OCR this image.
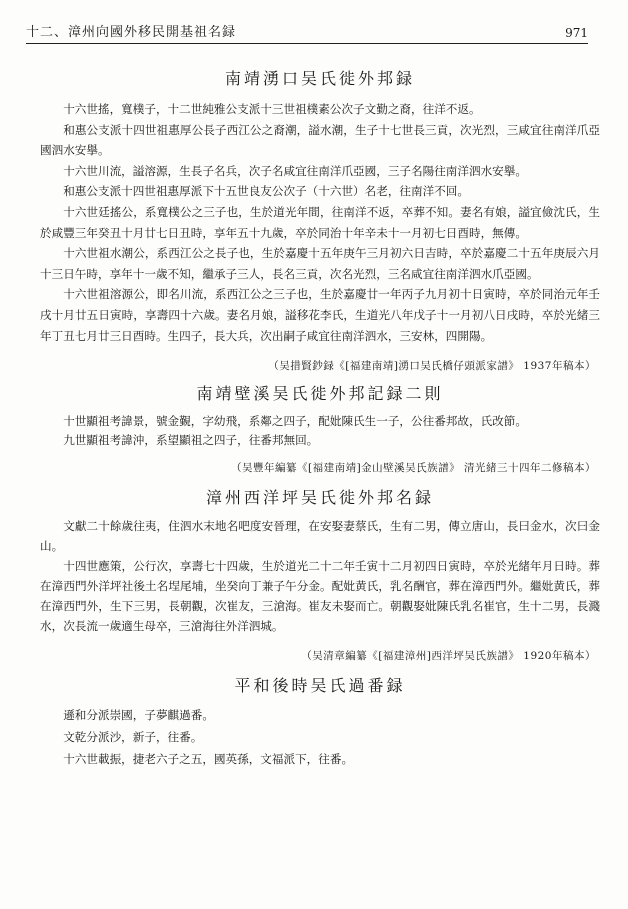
十二、漳州向國外移民開基祖名録	971
南靖湧口吴氏徙外邦録

十六世搖，寬樸子，十二世純雅公支派十三世祖樸素公次子文勤之裔，往洋不返。

和惠公支派十四世祖惠厚公長子西江公之裔潮，謚水潮，生子十七世長三貢，次光烈，三咸宜往南洋爪亞國泗水安擧。

十六世川流，謚溶源，生長子名兵，次子名咸宜往南洋爪亞國，三子名陽往南洋泗水安擧。

和惠公支派十四世祖惠厚派下十五世良友公次子（十六世）名老，往南洋不回。

十六世廷搖公，系寬樸公之三子也，生於道光年間，往南洋不返，卒葬不知。妻名有娘，謚宜儉沈氏，生於咸豐三年癸丑十月廿七日丑時，享年五十九歲，卒於同治十年辛未十一月初七日酉時，無傳。

十六世祖水潮公，系西江公之長子也，生於嘉慶十五年庚午三月初六日吉時，卒於嘉慶二十五年庚辰六月十三日午時，享年十一歲不知，繼承子三人，長名三貢，次名光烈，三名咸宜往南洋泗水爪亞國。

十六世祖溶源公，即名川流，系西江公之三子也，生於嘉慶廿一年丙子九月初十日寅時，卒於同治元年壬戌十月廿五日寅時，享壽四十六歲。妻名月娘，謚移花李氏，生道光八年戊子十一月初八日戌時，卒於光緒三年丁丑七月廿三日酉時。生四子，長大兵，次出嗣子咸宜往南洋泗水，三安林，四開陽。

（吴措賢鈔録《[福建南靖]湧口吴氏橋仔頭派家譜》 1937年稿本）
南靖壁溪吴氏徙外邦記録二則

十世顯祖考諱景，號金覲，字幼飛，系鄰之四子，配妣陳氏生一子，公往番邦故，氏改節。

九世顯祖考諱沖，系望顯祖之四子，往番邦無回。

（吴豐年編纂《[福建南靖]金山壁溪吴氏族譜》 清光緒三十四年二修稿本）
漳州西洋坪吴氏徙外邦名録

文獻二十餘歲往夷，住泗水末地名吧度安晉理，在安娶妻蔡氏，生有二男，傳立唐山，長曰金水，次曰金山。

十四世應策，公行次，享壽七十四歲，生於道光二十二年壬寅十二月初四日寅時，卒於光緒年月日時。葬在漳西門外洋坪社後土名埕尾埔，坐癸向丁兼子午分金。配妣黄氏，乳名酬官，葬在漳西門外。繼妣黄氏，葬在漳西門外，生下三男，長朝觀，次崔友，三滄海。崔友未娶而亡。朝觀娶妣陳氏乳名崔官，生十二男，長濺水，次長流一歲適生母卒，三滄海往外洋泗城。

（吴清章編纂《[福建漳州]西洋坪吴氏族譜》 1920年稿本）
平和後時吴氏過番録

遜和分派崇國，子夢麒過番。

文乾分派沙，新子，往番。

十六世載振，捷老六子之五，國英孫，文福派下，往番。
